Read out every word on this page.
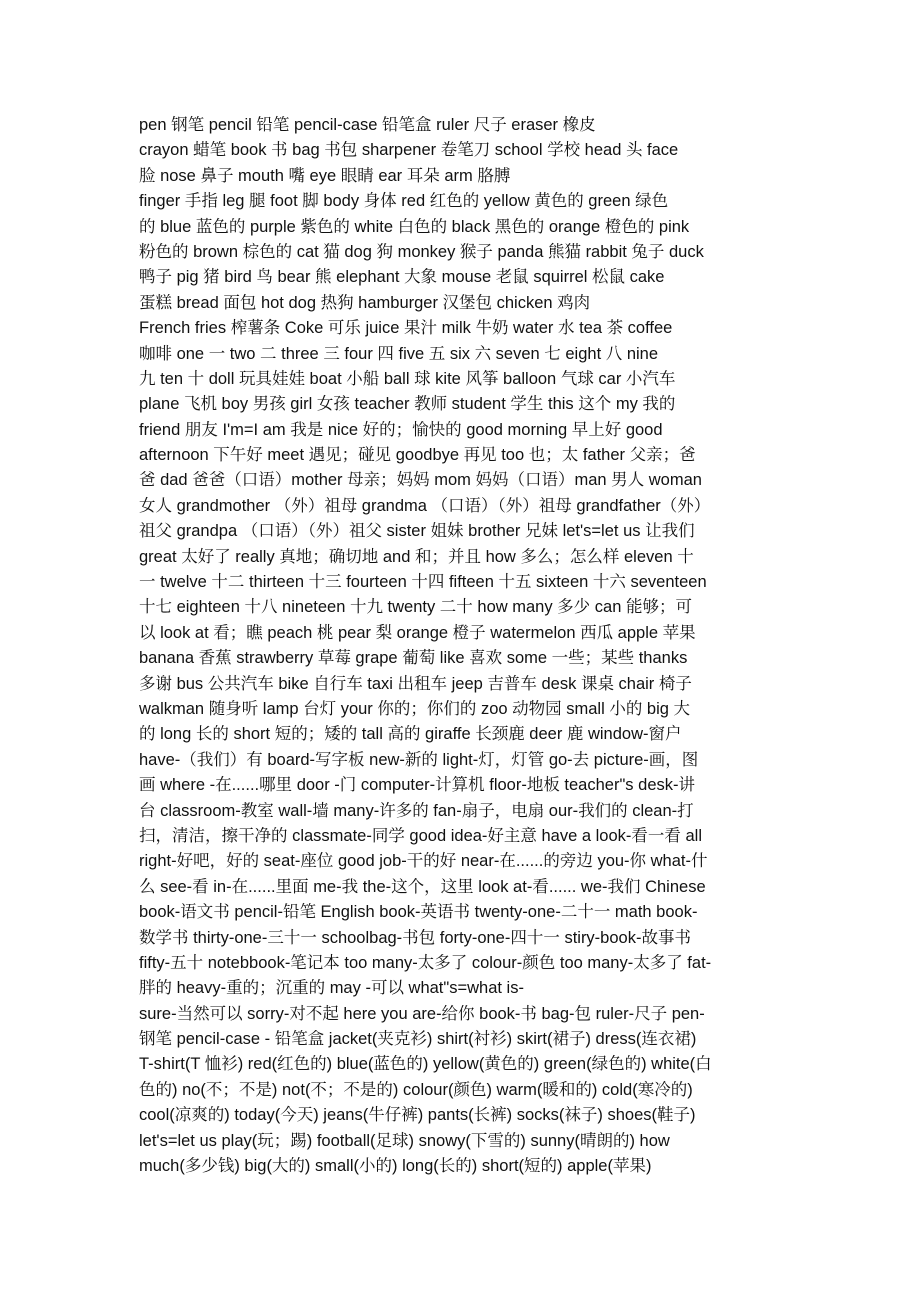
pen 钢笔 pencil 铅笔 pencil-case 铅笔盒 ruler 尺子 eraser 橡皮
crayon 蜡笔 book 书 bag 书包 sharpener 卷笔刀 school 学校 head 头 face
脸 nose 鼻子 mouth 嘴 eye 眼睛 ear 耳朵 arm 胳膊
finger 手指 leg 腿 foot 脚 body 身体 red 红色的 yellow 黄色的 green 绿色
的 blue 蓝色的 purple 紫色的 white 白色的 black 黑色的 orange 橙色的 pink
粉色的 brown 棕色的 cat 猫 dog 狗 monkey 猴子 panda 熊猫 rabbit 兔子 duck
鸭子 pig 猪 bird 鸟 bear 熊 elephant 大象 mouse 老鼠 squirrel 松鼠 cake
蛋糕 bread 面包 hot dog 热狗 hamburger 汉堡包 chicken 鸡肉
French fries 榨薯条 Coke 可乐 juice 果汁 milk 牛奶 water 水 tea 茶 coffee
咖啡 one 一 two 二 three 三 four 四 five 五 six 六 seven 七 eight 八 nine
九 ten 十 doll 玩具娃娃 boat 小船 ball 球 kite 风筝 balloon 气球 car 小汽车
plane 飞机 boy 男孩 girl 女孩 teacher 教师 student 学生 this 这个 my 我的
friend 朋友 I'm=I am 我是 nice 好的；愉快的 good morning 早上好 good
afternoon 下午好 meet 遇见；碰见 goodbye 再见 too 也；太 father 父亲；爸
爸 dad 爸爸（口语）mother 母亲；妈妈 mom 妈妈（口语）man 男人 woman
女人 grandmother （外）祖母 grandma （口语）（外）祖母 grandfather（外）
祖父 grandpa （口语）（外）祖父 sister 姐妹 brother 兄妹 let's=let us 让我们
great 太好了 really 真地；确切地 and 和；并且 how 多么；怎么样 eleven 十
一 twelve 十二 thirteen 十三 fourteen 十四 fifteen 十五 sixteen 十六 seventeen
十七 eighteen 十八 nineteen 十九 twenty 二十 how many 多少 can 能够；可
以 look at 看；瞧 peach 桃 pear 梨 orange 橙子 watermelon 西瓜 apple 苹果
banana 香蕉 strawberry 草莓 grape 葡萄 like 喜欢 some 一些；某些 thanks
多谢 bus 公共汽车 bike 自行车 taxi 出租车 jeep 吉普车 desk 课桌 chair 椅子
walkman 随身听 lamp 台灯 your 你的；你们的 zoo 动物园 small 小的 big 大
的 long 长的 short 短的；矮的 tall 高的 giraffe 长颈鹿 deer 鹿 window-窗户
have-（我们）有 board-写字板 new-新的 light-灯，灯管 go-去 picture-画，图
画 where -在......哪里 door -门 computer-计算机 floor-地板 teacher"s desk-讲
台 classroom-教室 wall-墙 many-许多的 fan-扇子，电扇 our-我们的 clean-打
扫，清洁，擦干净的 classmate-同学 good idea-好主意 have a look-看一看 all
right-好吧，好的 seat-座位 good job-干的好 near-在......的旁边 you-你 what-什
么 see-看 in-在......里面 me-我 the-这个，这里 look at-看...... we-我们 Chinese
book-语文书 pencil-铅笔 English book-英语书 twenty-one-二十一 math book-
数学书 thirty-one-三十一 schoolbag-书包 forty-one-四十一 stiry-book-故事书
fifty-五十 notebbook-笔记本 too many-太多了 colour-颜色 too many-太多了 fat-
胖的 heavy-重的；沉重的 may -可以 what"s=what is-
sure-当然可以 sorry-对不起 here you are-给你 book-书 bag-包 ruler-尺子 pen-
钢笔 pencil-case - 铅笔盒 jacket(夹克衫) shirt(衬衫) skirt(裙子) dress(连衣裙)
T-shirt(T 恤衫) red(红色的) blue(蓝色的) yellow(黄色的) green(绿色的) white(白
色的) no(不；不是) not(不；不是的) colour(颜色) warm(暖和的) cold(寒冷的)
cool(凉爽的) today(今天) jeans(牛仔裤) pants(长裤) socks(袜子) shoes(鞋子)
let's=let us play(玩；踢) football(足球) snowy(下雪的) sunny(晴朗的) how
much(多少钱) big(大的) small(小的) long(长的) short(短的) apple(苹果)
